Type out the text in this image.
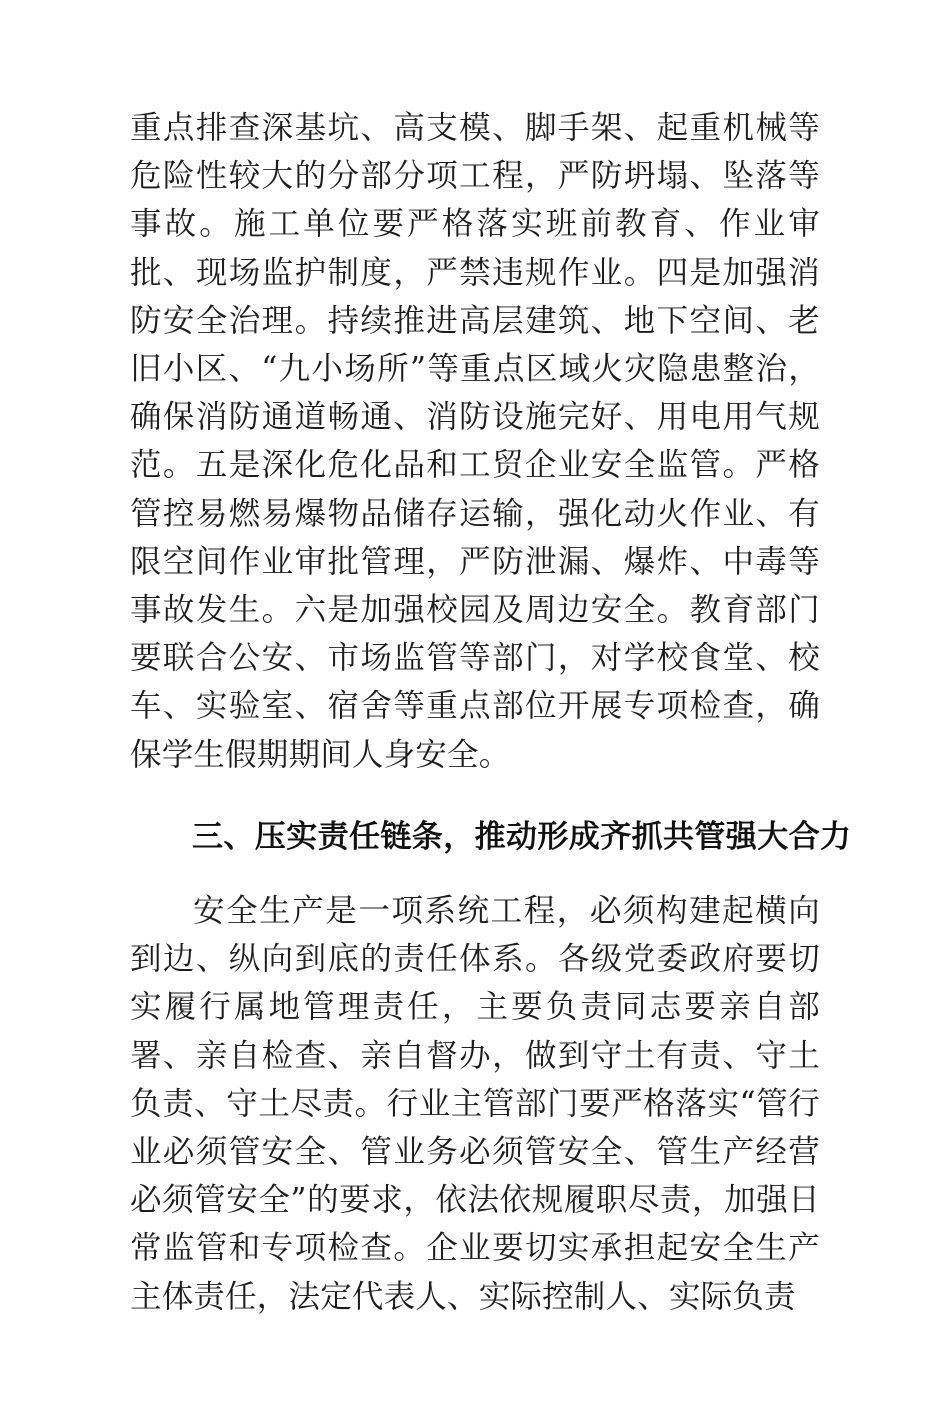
重点排查深基坑、高支模、脚手架、起重机械等危险性较大的分部分项工程，严防坍塌、坠落等事故。施工单位要严格落实班前教育、作业审批、现场监护制度，严禁违规作业。四是加强消防安全治理。持续推进高层建筑、地下空间、老旧小区、“九小场所”等重点区域火灾隐患整治，确保消防通道畅通、消防设施完好、用电用气规范。五是深化危化品和工贸企业安全监管。严格管控易燃易爆物品储存运输，强化动火作业、有限空间作业审批管理，严防泄漏、爆炸、中毒等事故发生。六是加强校园及周边安全。教育部门要联合公安、市场监管等部门，对学校食堂、校车、实验室、宿舍等重点部位开展专项检查，确保学生假期期间人身安全。

三、压实责任链条，推动形成齐抓共管强大合力

安全生产是一项系统工程，必须构建起横向到边、纵向到底的责任体系。各级党委政府要切实履行属地管理责任，主要负责同志要亲自部署、亲自检查、亲自督办，做到守土有责、守土负责、守土尽责。行业主管部门要严格落实“管行业必须管安全、管业务必须管安全、管生产经营必须管安全”的要求，依法依规履职尽责，加强日常监管和专项检查。企业要切实承担起安全生产主体责任，法定代表人、实际控制人、实际负责
